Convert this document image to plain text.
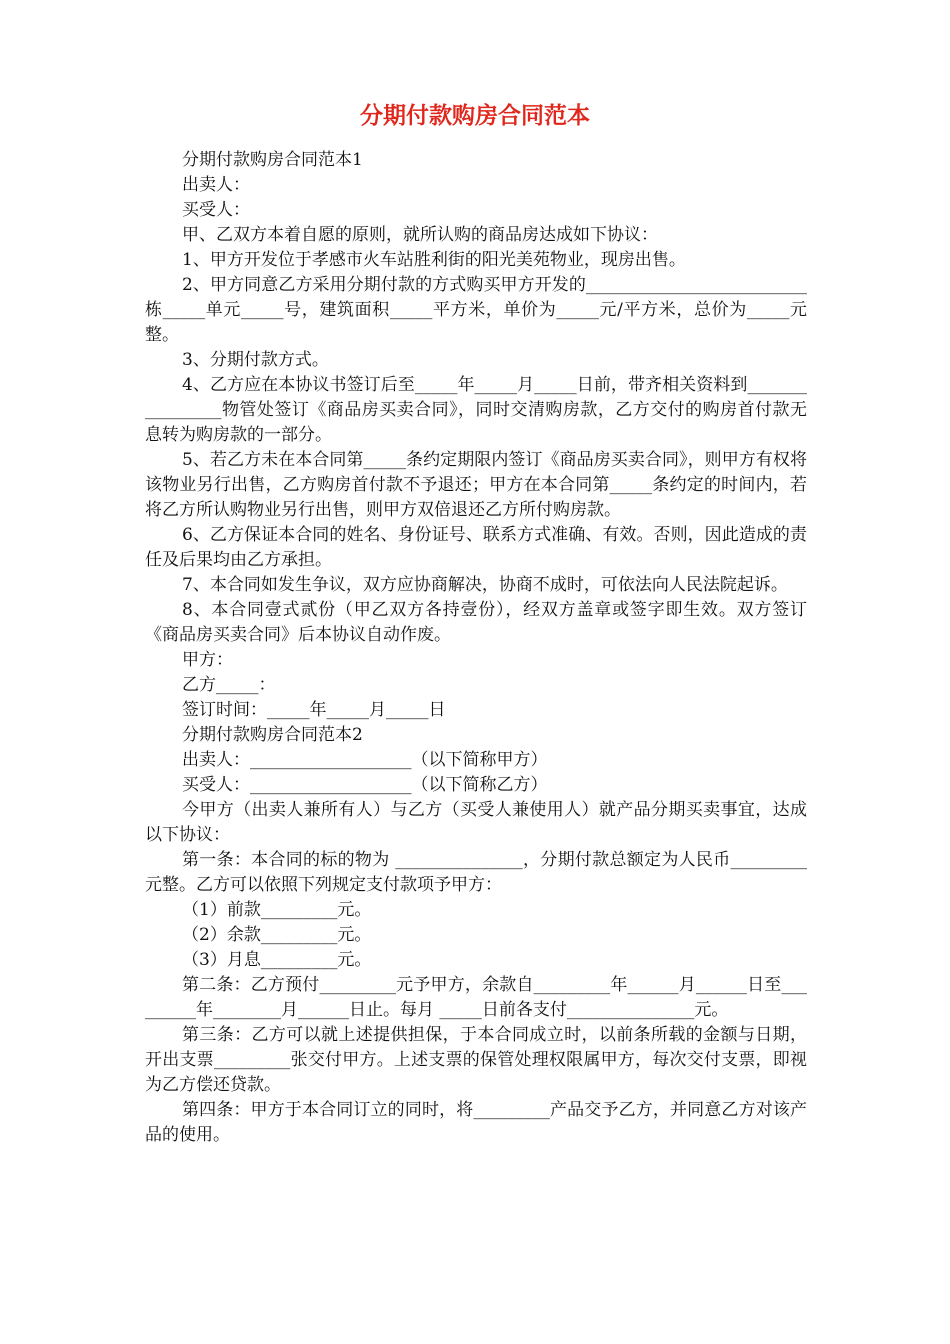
分期付款购房合同范本

分期付款购房合同范本1

出卖人：

买受人：

甲、乙双方本着自愿的原则，就所认购的商品房达成如下协议：

1、甲方开发位于孝感市火车站胜利街的阳光美苑物业，现房出售。

2、甲方同意乙方采用分期付款的方式购买甲方开发的__________________________栋_____单元_____号，建筑面积_____平方米，单价为_____元/平方米，总价为_____元整。

3、分期付款方式。

4、乙方应在本协议书签订后至_____年_____月_____日前，带齐相关资料到________________物管处签订《商品房买卖合同》，同时交清购房款，乙方交付的购房首付款无息转为购房款的一部分。

5、若乙方未在本合同第_____条约定期限内签订《商品房买卖合同》，则甲方有权将该物业另行出售，乙方购房首付款不予退还；甲方在本合同第_____条约定的时间内，若将乙方所认购物业另行出售，则甲方双倍退还乙方所付购房款。

6、乙方保证本合同的姓名、身份证号、联系方式准确、有效。否则，因此造成的责任及后果均由乙方承担。

7、本合同如发生争议，双方应协商解决，协商不成时，可依法向人民法院起诉。

8、本合同壹式贰份（甲乙双方各持壹份），经双方盖章或签字即生效。双方签订《商品房买卖合同》后本协议自动作废。

甲方：

乙方_____：

签订时间：_____年_____月_____日

分期付款购房合同范本2

出卖人：___________________（以下简称甲方）

买受人：___________________（以下简称乙方）

今甲方（出卖人兼所有人）与乙方（买受人兼使用人）就产品分期买卖事宜，达成以下协议：

第一条：本合同的标的物为 _______________，分期付款总额定为人民币_________元整。乙方可以依照下列规定支付款项予甲方：

（1）前款_________元。

（2）余款_________元。

（3）月息_________元。

第二条：乙方预付_________元予甲方，余款自_________年______月______日至_________年________月______日止。每月 _____日前各支付_______________元。

第三条：乙方可以就上述提供担保，于本合同成立时，以前条所载的金额与日期，开出支票_________张交付甲方。上述支票的保管处理权限属甲方，每次交付支票，即视为乙方偿还贷款。

第四条：甲方于本合同订立的同时，将_________产品交予乙方，并同意乙方对该产品的使用。
